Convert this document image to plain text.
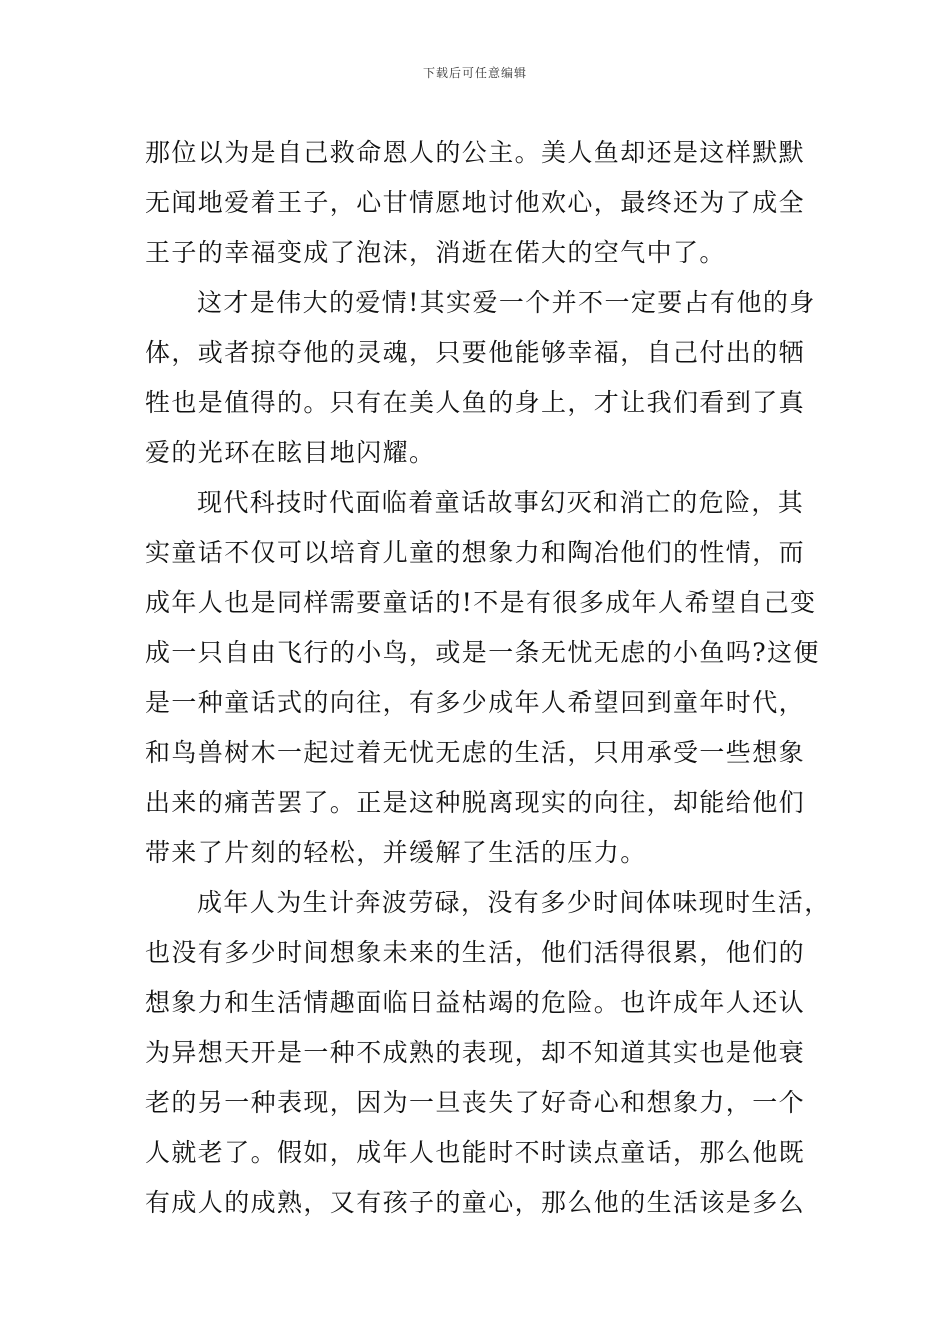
下载后可任意编辑
那位以为是自己救命恩人的公主。美人鱼却还是这样默默
无闻地爱着王子，心甘情愿地讨他欢心，最终还为了成全
王子的幸福变成了泡沫，消逝在偌大的空气中了。
这才是伟大的爱情!其实爱一个并不一定要占有他的身
体，或者掠夺他的灵魂，只要他能够幸福，自己付出的牺
牲也是值得的。只有在美人鱼的身上，才让我们看到了真
爱的光环在眩目地闪耀。
现代科技时代面临着童话故事幻灭和消亡的危险，其
实童话不仅可以培育儿童的想象力和陶冶他们的性情，而
成年人也是同样需要童话的!不是有很多成年人希望自己变
成一只自由飞行的小鸟，或是一条无忧无虑的小鱼吗?这便
是一种童话式的向往，有多少成年人希望回到童年时代，
和鸟兽树木一起过着无忧无虑的生活，只用承受一些想象
出来的痛苦罢了。正是这种脱离现实的向往，却能给他们
带来了片刻的轻松，并缓解了生活的压力。
成年人为生计奔波劳碌，没有多少时间体味现时生活，
也没有多少时间想象未来的生活，他们活得很累，他们的
想象力和生活情趣面临日益枯竭的危险。也许成年人还认
为异想天开是一种不成熟的表现，却不知道其实也是他衰
老的另一种表现，因为一旦丧失了好奇心和想象力，一个
人就老了。假如，成年人也能时不时读点童话，那么他既
有成人的成熟，又有孩子的童心，那么他的生活该是多么
